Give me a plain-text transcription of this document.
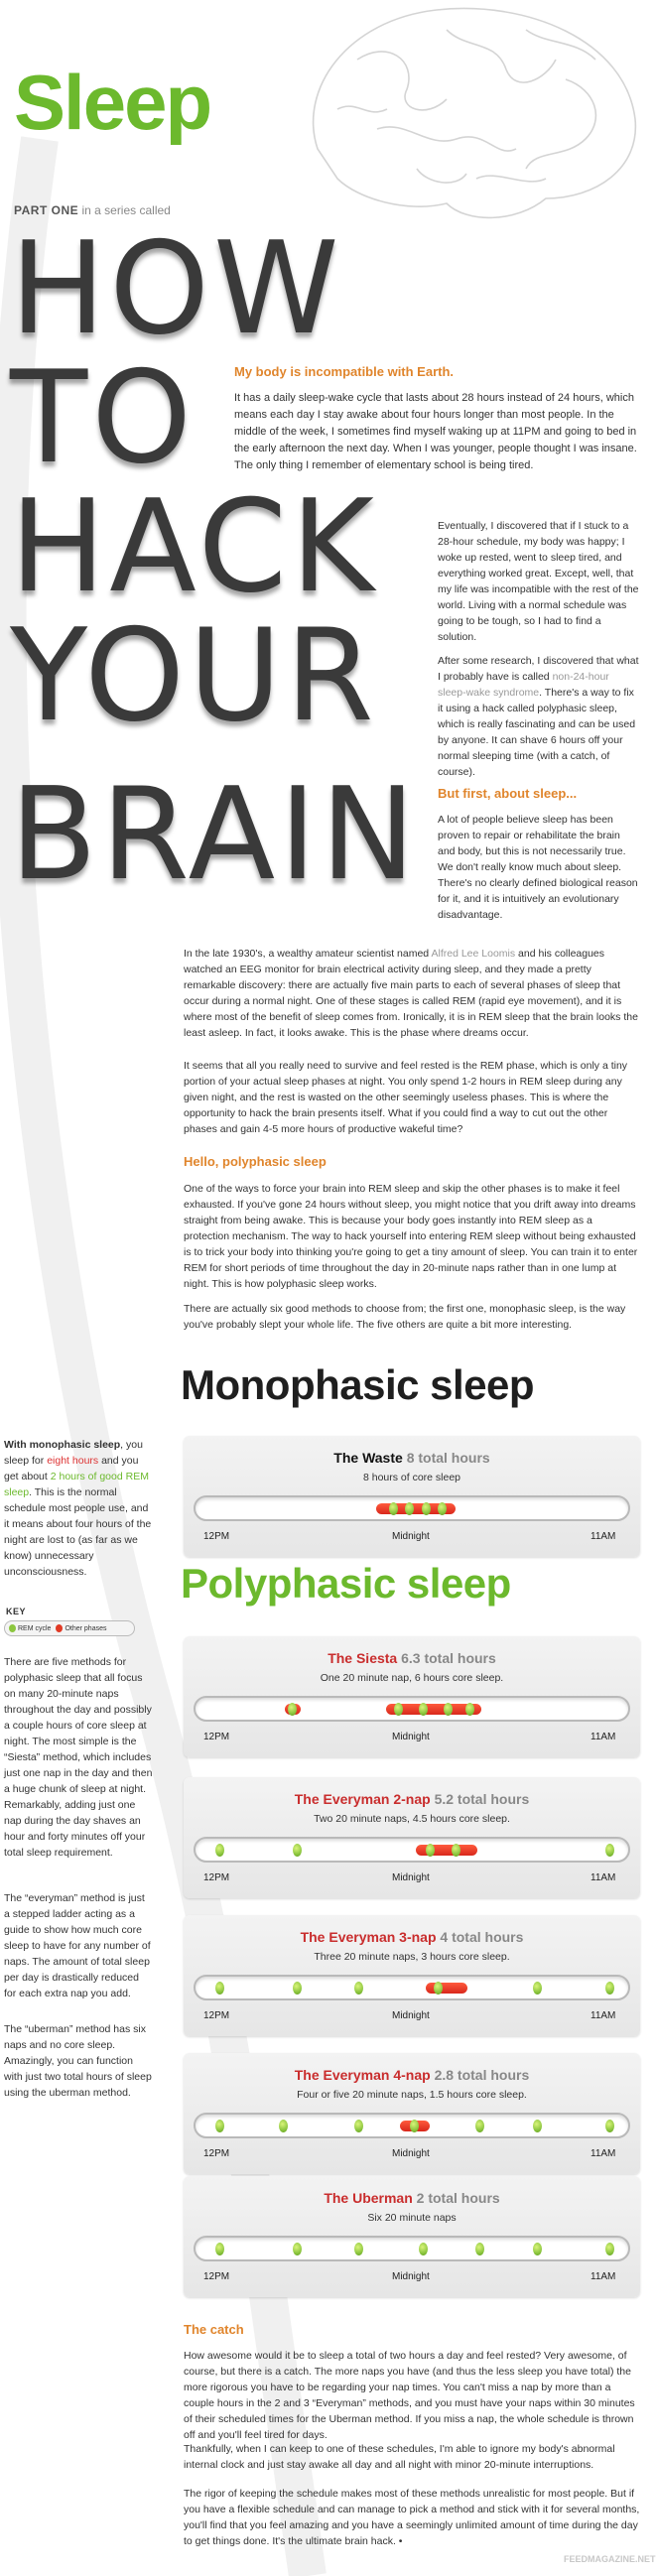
Sleep
PART ONE in a series called
HOW
TO
HACK
YOUR
BRAIN
My body is incompatible with Earth.
It has a daily sleep-wake cycle that lasts about 28 hours instead of 24 hours, which means each day I stay awake about four hours longer than most people. In the middle of the week, I sometimes find myself waking up at 11PM and going to bed in the early afternoon the next day. When I was younger, people thought I was insane. The only thing I remember of elementary school is being tired.
Eventually, I discovered that if I stuck to a 28-hour schedule, my body was happy; I woke up rested, went to sleep tired, and everything worked great. Except, well, that my life was incompatible with the rest of the world. Living with a normal schedule was going to be tough, so I had to find a solution.
After some research, I discovered that what I probably have is called non-24-hour sleep-wake syndrome. There's a way to fix it using a hack called polyphasic sleep, which is really fascinating and can be used by anyone. It can shave 6 hours off your normal sleeping time (with a catch, of course).
But first, about sleep...
A lot of people believe sleep has been proven to repair or rehabilitate the brain and body, but this is not necessarily true. We don't really know much about sleep. There's no clearly defined biological reason for it, and it is intuitively an evolutionary disadvantage.
In the late 1930's, a wealthy amateur scientist named Alfred Lee Loomis and his colleagues watched an EEG monitor for brain electrical activity during sleep, and they made a pretty remarkable discovery: there are actually five main parts to each of several phases of sleep that occur during a normal night. One of these stages is called REM (rapid eye movement), and it is where most of the benefit of sleep comes from. Ironically, it is in REM sleep that the brain looks the least asleep. In fact, it looks awake. This is the phase where dreams occur.
It seems that all you really need to survive and feel rested is the REM phase, which is only a tiny portion of your actual sleep phases at night. You only spend 1-2 hours in REM sleep during any given night, and the rest is wasted on the other seemingly useless phases. This is where the opportunity to hack the brain presents itself. What if you could find a way to cut out the other phases and gain 4-5 more hours of productive wakeful time?
Hello, polyphasic sleep
One of the ways to force your brain into REM sleep and skip the other phases is to make it feel exhausted. If you've gone 24 hours without sleep, you might notice that you drift away into dreams straight from being awake. This is because your body goes instantly into REM sleep as a protection mechanism. The way to hack yourself into entering REM sleep without being exhausted is to trick your body into thinking you're going to get a tiny amount of sleep. You can train it to enter REM for short periods of time throughout the day in 20-minute naps rather than in one lump at night. This is how polyphasic sleep works.
There are actually six good methods to choose from; the first one, monophasic sleep, is the way you've probably slept your whole life. The five others are quite a bit more interesting.
Monophasic sleep
Polyphasic sleep
With monophasic sleep, you sleep for eight hours and you get about 2 hours of good REM sleep. This is the normal schedule most people use, and it means about four hours of the night are lost to (as far as we know) unnecessary unconsciousness.
KEY
REM cycle	Other phases
There are five methods for polyphasic sleep that all focus on many 20-minute naps throughout the day and possibly a couple hours of core sleep at night. The most simple is the “Siesta” method, which includes just one nap in the day and then a huge chunk of sleep at night. Remarkably, adding just one nap during the day shaves an hour and forty minutes off your total sleep requirement.
The “everyman” method is just a stepped ladder acting as a guide to show how much core sleep to have for any number of naps. The amount of total sleep per day is drastically reduced for each extra nap you add.
The “uberman” method has six naps and no core sleep. Amazingly, you can function with just two total hours of sleep using the uberman method.
The Waste 8 total hours
8 hours of core sleep
12PM	Midnight	11AM
The Siesta 6.3 total hours
One 20 minute nap, 6 hours core sleep.
12PM	Midnight	11AM
The Everyman 2-nap 5.2 total hours
Two 20 minute naps, 4.5 hours core sleep.
12PM	Midnight	11AM
The Everyman 3-nap 4 total hours
Three 20 minute naps, 3 hours core sleep.
12PM	Midnight	11AM
The Everyman 4-nap 2.8 total hours
Four or five 20 minute naps, 1.5 hours core sleep.
12PM	Midnight	11AM
The Uberman 2 total hours
Six 20 minute naps
12PM	Midnight	11AM
The catch
How awesome would it be to sleep a total of two hours a day and feel rested? Very awesome, of course, but there is a catch. The more naps you have (and thus the less sleep you have total) the more rigorous you have to be regarding your nap times. You can't miss a nap by more than a couple hours in the 2 and 3 “Everyman” methods, and you must have your naps within 30 minutes of their scheduled times for the Uberman method. If you miss a nap, the whole schedule is thrown off and you'll feel tired for days.
Thankfully, when I can keep to one of these schedules, I'm able to ignore my body's abnormal internal clock and just stay awake all day and all night with minor 20-minute interruptions.
The rigor of keeping the schedule makes most of these methods unrealistic for most people. But if you have a flexible schedule and can manage to pick a method and stick with it for several months, you'll find that you feel amazing and you have a seemingly unlimited amount of time during the day to get things done. It's the ultimate brain hack. •
FEEDMAGAZINE.NET
